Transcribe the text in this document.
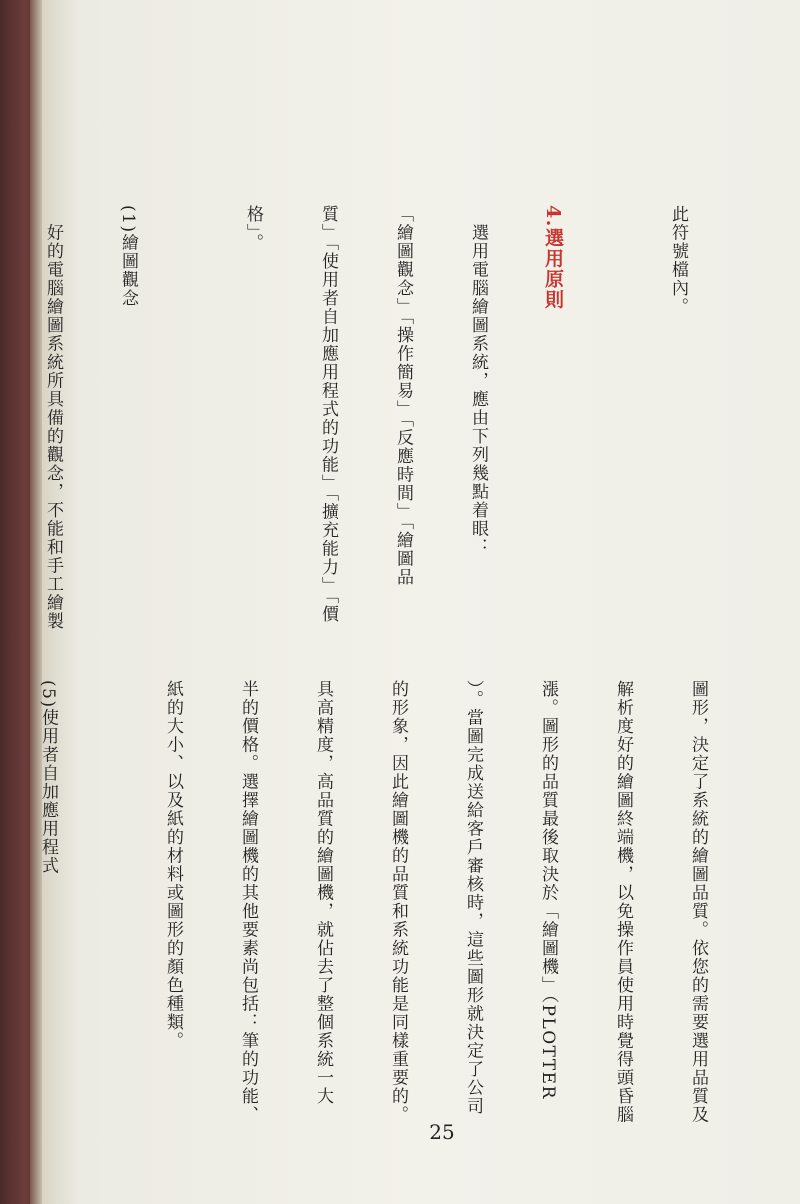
此符號檔內。

4.選用原則

　選用電腦繪圖系統，應由下列幾點着眼：

「繪圖觀念」「操作簡易」「反應時間」「繪圖品

質」「使用者自加應用程式的功能」「擴充能力」「價

格」。

(1)繪圖觀念

　好的電腦繪圖系統所具備的觀念，不能和手工繪製

圖形，決定了系統的繪圖品質。依您的需要選用品質及

解析度好的繪圖終端機，以免操作員使用時覺得頭昏腦

漲。圖形的品質最後取決於「繪圖機」（PLOTTER

）。當圖完成送給客戶審核時，這些圖形就決定了公司

的形象，因此繪圖機的品質和系統功能是同樣重要的。

具高精度，高品質的繪圖機，就佔去了整個系統一大

半的價格。選擇繪圖機的其他要素尚包括：筆的功能、

紙的大小、以及紙的材料或圖形的顏色種類。

(5)使用者自加應用程式

25
